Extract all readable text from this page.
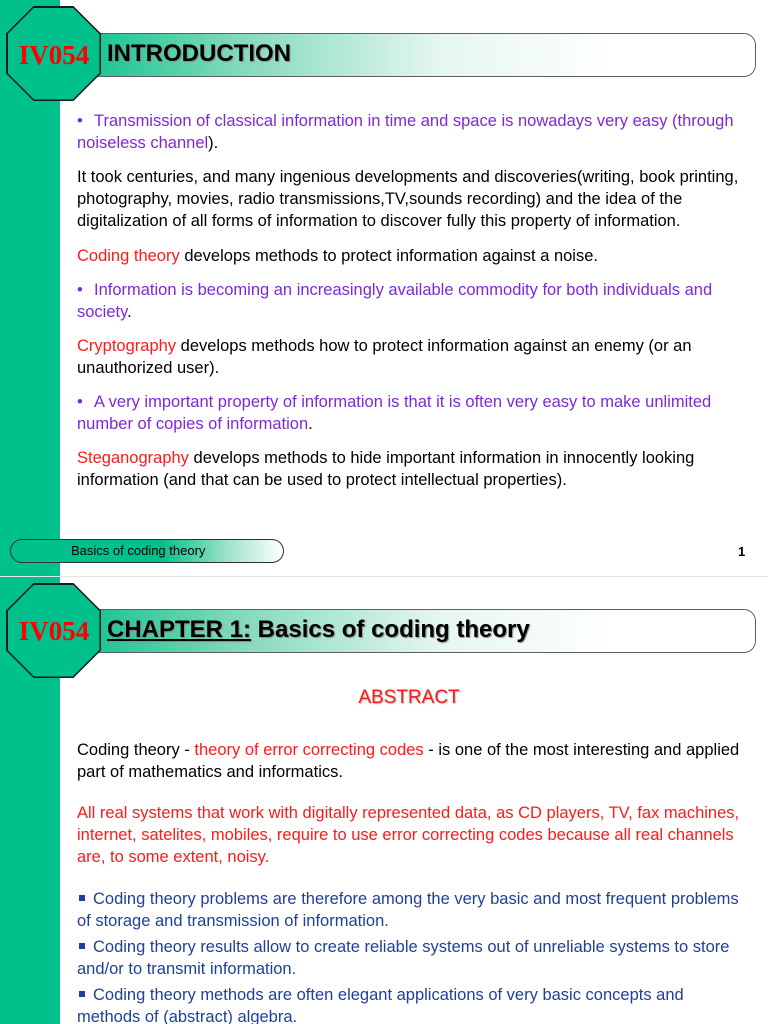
IV054 INTRODUCTION

• Transmission of classical information in time and space is nowadays very easy (through noiseless channel).

It took centuries, and many ingenious developments and discoveries(writing, book printing, photography, movies, radio transmissions,TV,sounds recording) and the idea of the digitalization of all forms of information to discover fully this property of information.

Coding theory develops methods to protect information against a noise.

• Information is becoming an increasingly available commodity for both individuals and society.

Cryptography develops methods how to protect information against an enemy (or an unauthorized user).

• A very important property of information is that it is often very easy to make unlimited number of copies of information.

Steganography develops methods to hide important information in innocently looking information (and that can be used to protect intellectual properties).

Basics of coding theory	1
IV054 CHAPTER 1: Basics of coding theory
ABSTRACT

Coding theory - theory of error correcting codes - is one of the most interesting and applied part of mathematics and informatics.

All real systems that work with digitally represented data, as CD players, TV, fax machines, internet, satelites, mobiles, require to use error correcting codes because all real channels are, to some extent, noisy.

Coding theory problems are therefore among the very basic and most frequent problems of storage and transmission of information.

Coding theory results allow to create reliable systems out of unreliable systems to store and/or to transmit information.

Coding theory methods are often elegant applications of very basic concepts and methods of (abstract) algebra.
